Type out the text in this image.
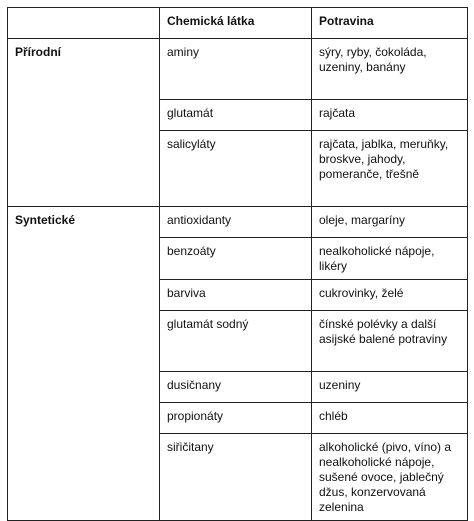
	Chemická látka	Potravina
Přírodní	aminy	sýry, ryby, čokoláda, uzeniny, banány
	glutamát	rajčata
	salicyláty	rajčata, jablka, meruňky, broskve, jahody, pomeranče, třešně
Syntetické	antioxidanty	oleje, margaríny
	benzoáty	nealkoholické nápoje, likéry
	barviva	cukrovinky, želé
	glutamát sodný	čínské polévky a další asijské balené potraviny
	dusičnany	uzeniny
	propionáty	chléb
	siřičitany	alkoholické (pivo, víno) a nealkoholické nápoje, sušené ovoce, jablečný džus, konzervovaná zelenina
